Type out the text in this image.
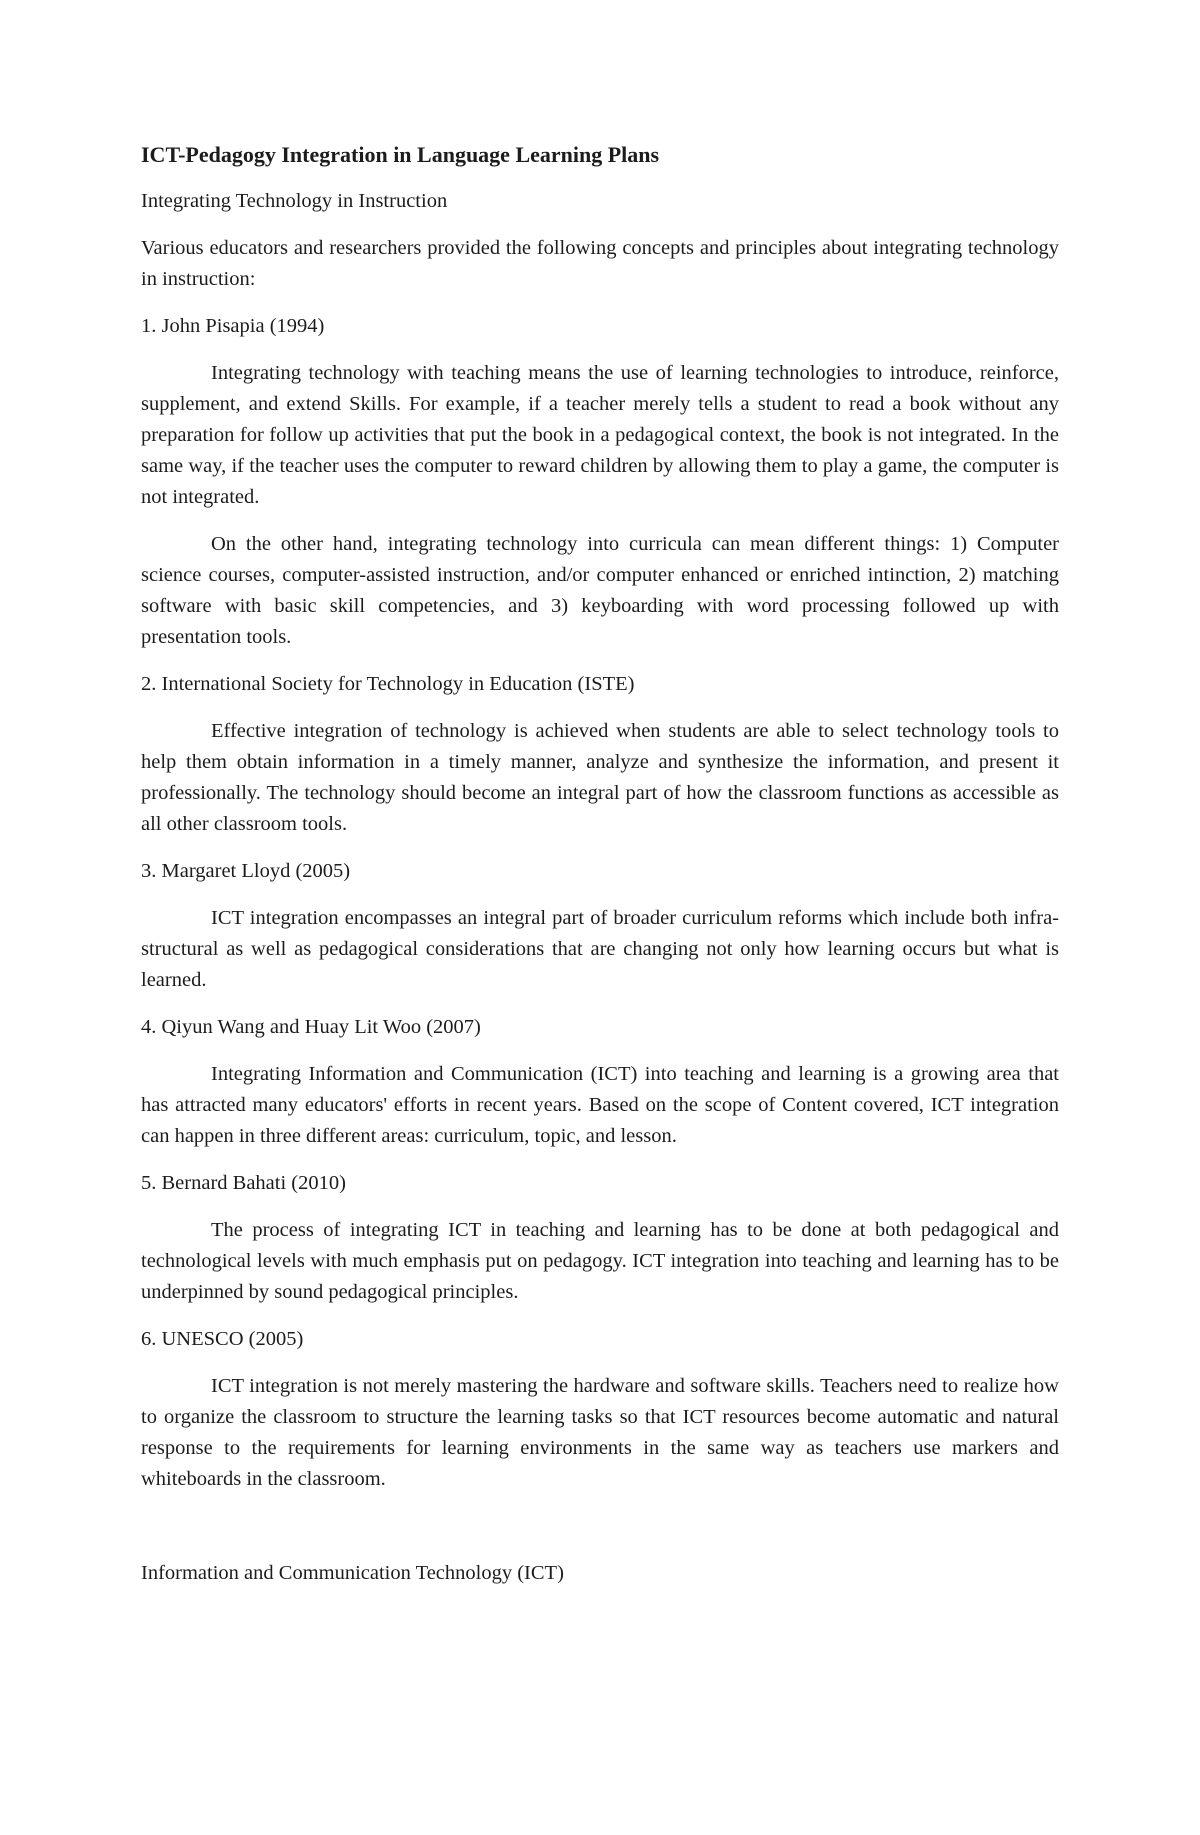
ICT-Pedagogy Integration in Language Learning Plans

Integrating Technology in Instruction

Various educators and researchers provided the following concepts and principles about integrating technology in instruction:

1. John Pisapia (1994)

Integrating technology with teaching means the use of learning technologies to introduce, reinforce, supplement, and extend Skills. For example, if a teacher merely tells a student to read a book without any preparation for follow up activities that put the book in a pedagogical context, the book is not integrated. In the same way, if the teacher uses the computer to reward children by allowing them to play a game, the computer is not integrated.

On the other hand, integrating technology into curricula can mean different things: 1) Computer science courses, computer-assisted instruction, and/or computer enhanced or enriched intinction, 2) matching software with basic skill competencies, and 3) keyboarding with word processing followed up with presentation tools.

2. International Society for Technology in Education (ISTE)

Effective integration of technology is achieved when students are able to select technology tools to help them obtain information in a timely manner, analyze and synthesize the information, and present it professionally. The technology should become an integral part of how the classroom functions as accessible as all other classroom tools.

3. Margaret Lloyd (2005)

ICT integration encompasses an integral part of broader curriculum reforms which include both infra-structural as well as pedagogical considerations that are changing not only how learning occurs but what is learned.

4. Qiyun Wang and Huay Lit Woo (2007)

Integrating Information and Communication (ICT) into teaching and learning is a growing area that has attracted many educators' efforts in recent years. Based on the scope of Content covered, ICT integration can happen in three different areas: curriculum, topic, and lesson.

5. Bernard Bahati (2010)

The process of integrating ICT in teaching and learning has to be done at both pedagogical and technological levels with much emphasis put on pedagogy. ICT integration into teaching and learning has to be underpinned by sound pedagogical principles.

6. UNESCO (2005)

ICT integration is not merely mastering the hardware and software skills. Teachers need to realize how to organize the classroom to structure the learning tasks so that ICT resources become automatic and natural response to the requirements for learning environments in the same way as teachers use markers and whiteboards in the classroom.

Information and Communication Technology (ICT)
